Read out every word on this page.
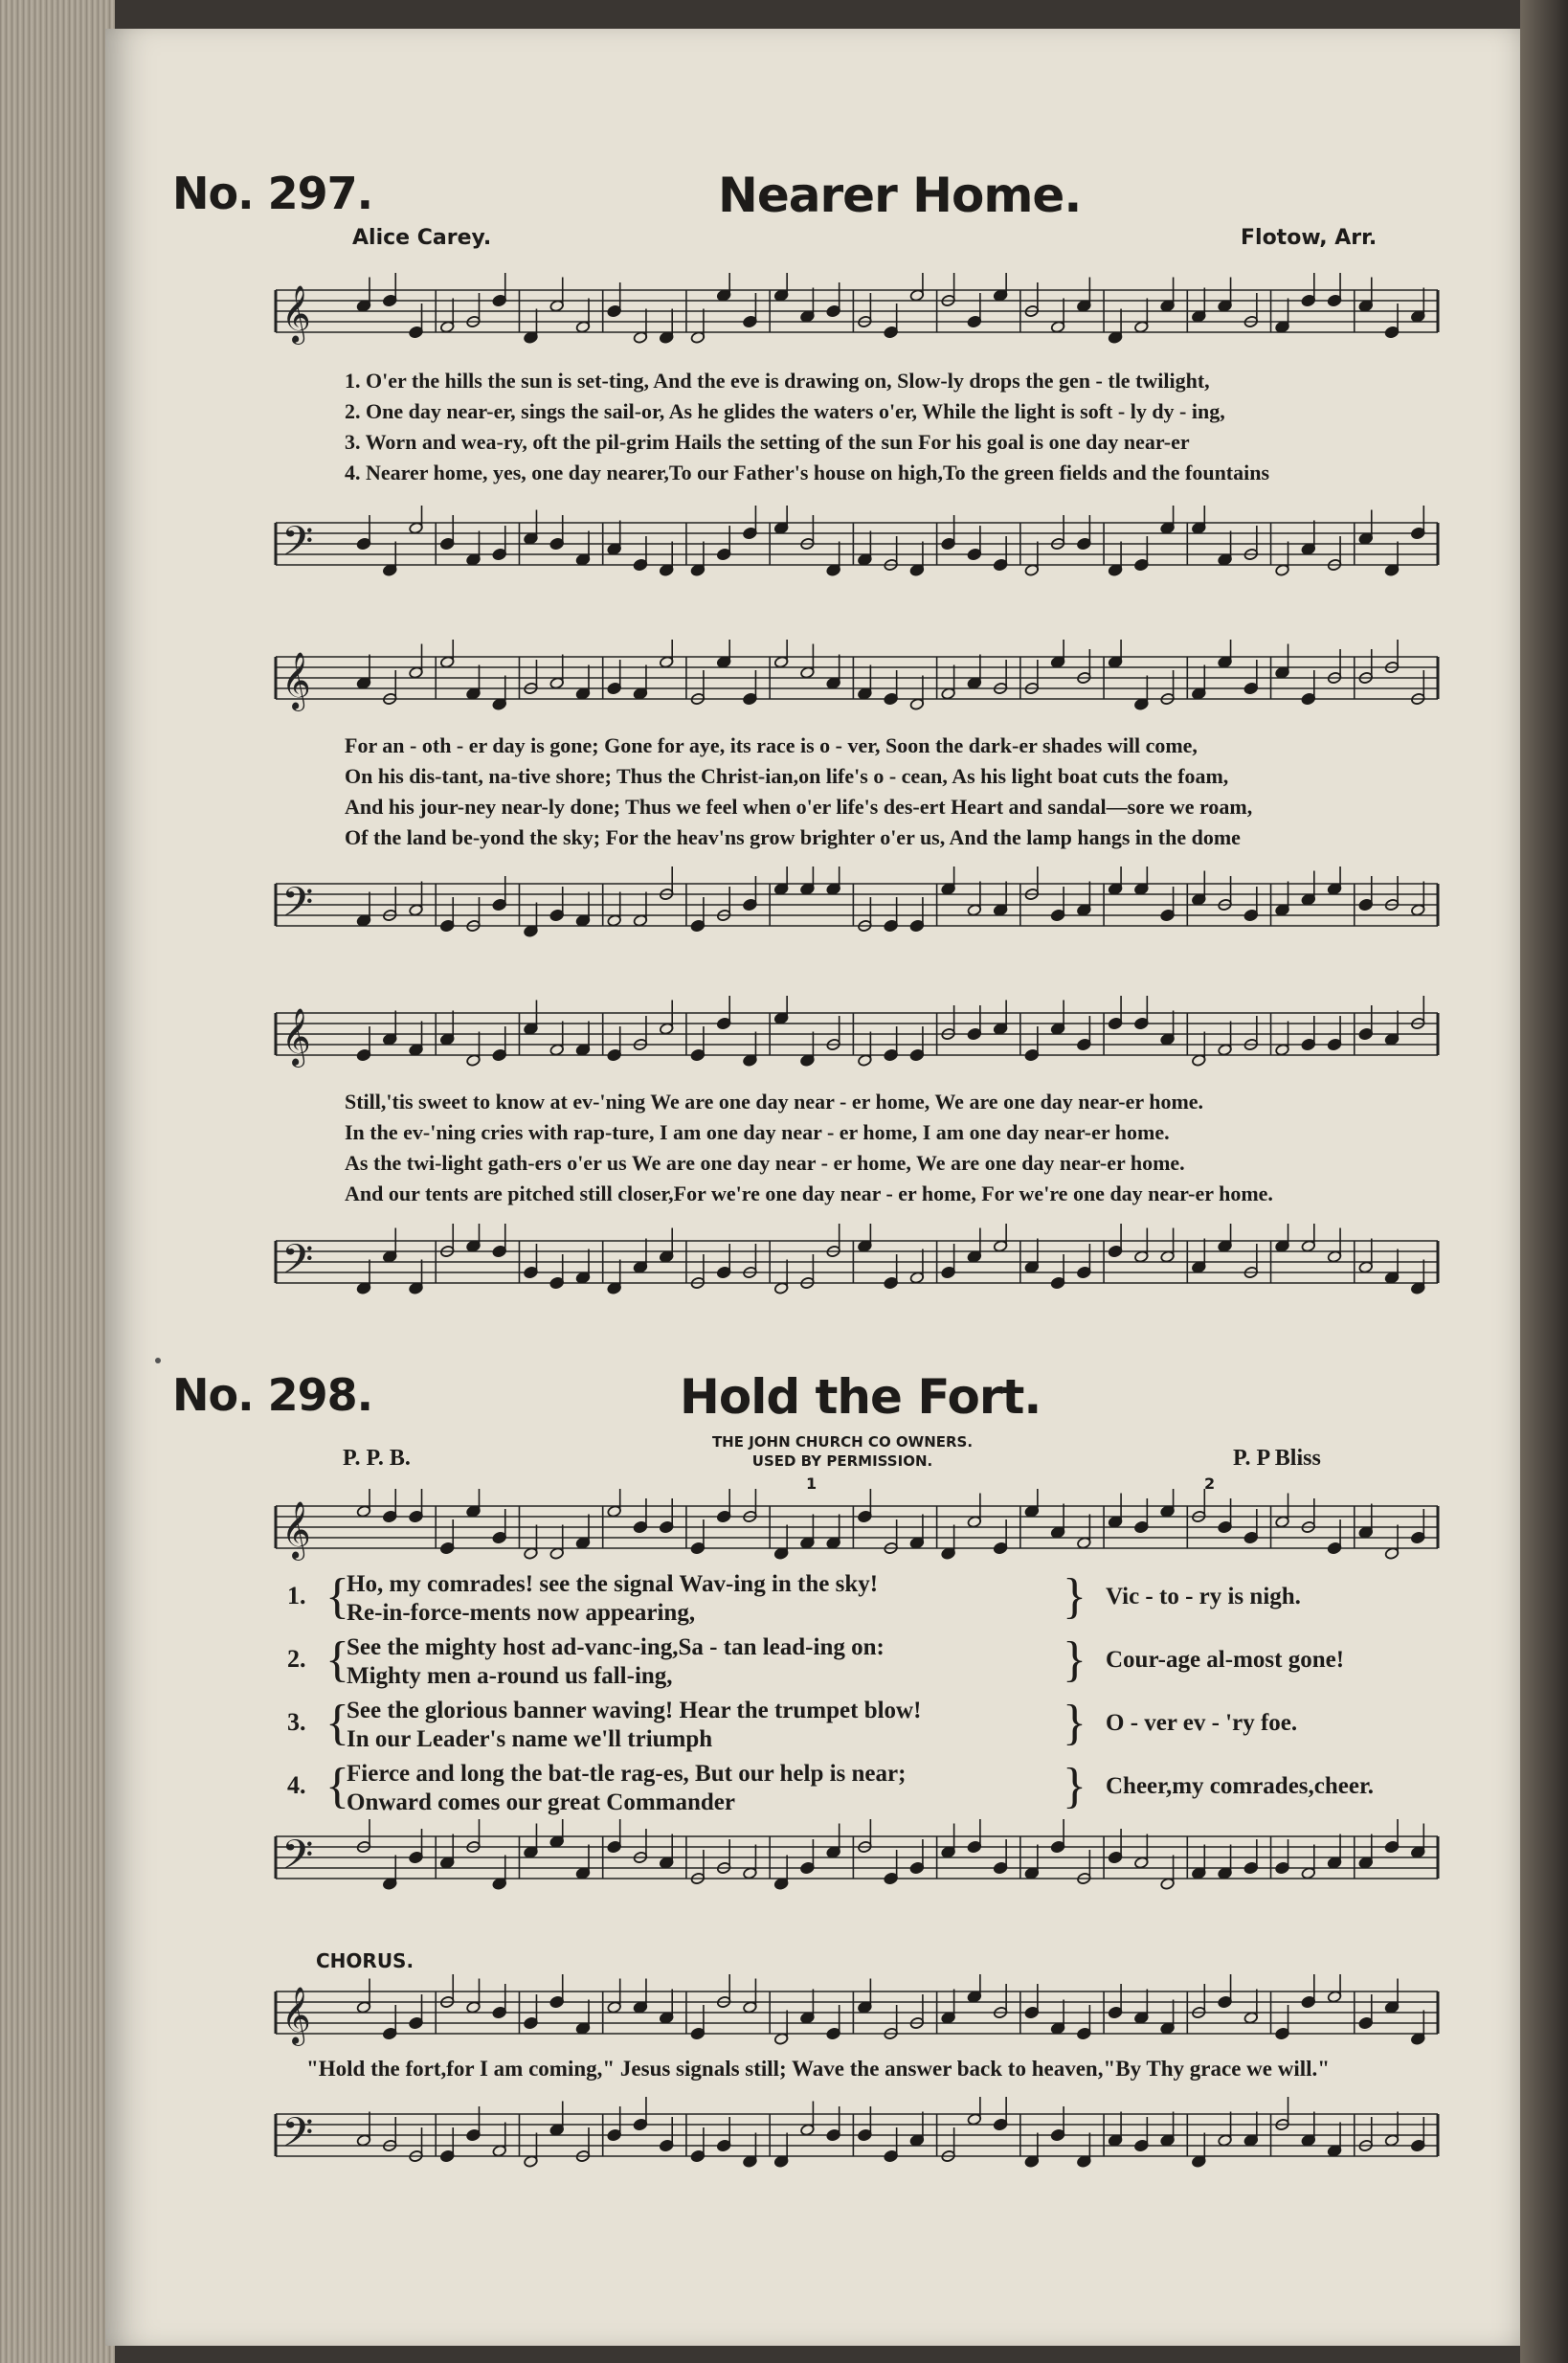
No. 297.	Nearer Home.
Alice Carey.	Flotow, Arr.
𝄞
1. O'er the hills the sun is set-ting, And the eve is drawing on, Slow-ly drops the gen - tle twilight,
2. One day near-er, sings the sail-or, As he glides the waters o'er, While the light is soft - ly dy - ing,
3. Worn and wea-ry, oft the pil-grim Hails the setting of the sun For his goal is one day near-er
4. Nearer home, yes, one day nearer,To our Father's house on high,To the green fields and the fountains
𝄢
𝄞
For an - oth - er day is gone; Gone for aye, its race is o - ver, Soon the dark-er shades will come,
On his dis-tant, na-tive shore; Thus the Christ-ian,on life's o - cean, As his light boat cuts the foam,
And his jour-ney near-ly done; Thus we feel when o'er life's des-ert Heart and sandal—sore we roam,
Of the land be-yond the sky; For the heav'ns grow brighter o'er us, And the lamp hangs in the dome
𝄢
𝄞
Still,'tis sweet to know at ev-'ning We are one day near - er home, We are one day near-er home.
In the ev-'ning cries with rap-ture, I am one day near - er home, I am one day near-er home.
As the twi-light gath-ers o'er us We are one day near - er home, We are one day near-er home.
And our tents are pitched still closer,For we're one day near - er home, For we're one day near-er home.
𝄢
No. 298.	Hold the Fort.
P. P. B.
THE JOHN CHURCH CO OWNERS.
USED BY PERMISSION.	P. P Bliss
1	2
𝄞
1. {
Ho, my comrades! see the signal Wav-ing in the sky!
Re-in-force-ments now appearing,	} Vic - to - ry is nigh.
2. {
See the mighty host ad-vanc-ing,Sa - tan lead-ing on:
Mighty men a-round us fall-ing,	} Cour-age al-most gone!
3. {
See the glorious banner waving! Hear the trumpet blow!
In our Leader's name we'll triumph	} O - ver ev - 'ry foe.
4. {
Fierce and long the bat-tle rag-es, But our help is near;
Onward comes our great Commander	} Cheer,my comrades,cheer.
𝄢
CHORUS.
𝄞
"Hold the fort,for I am coming," Jesus signals still; Wave the answer back to heaven,"By Thy grace we will."
𝄢
